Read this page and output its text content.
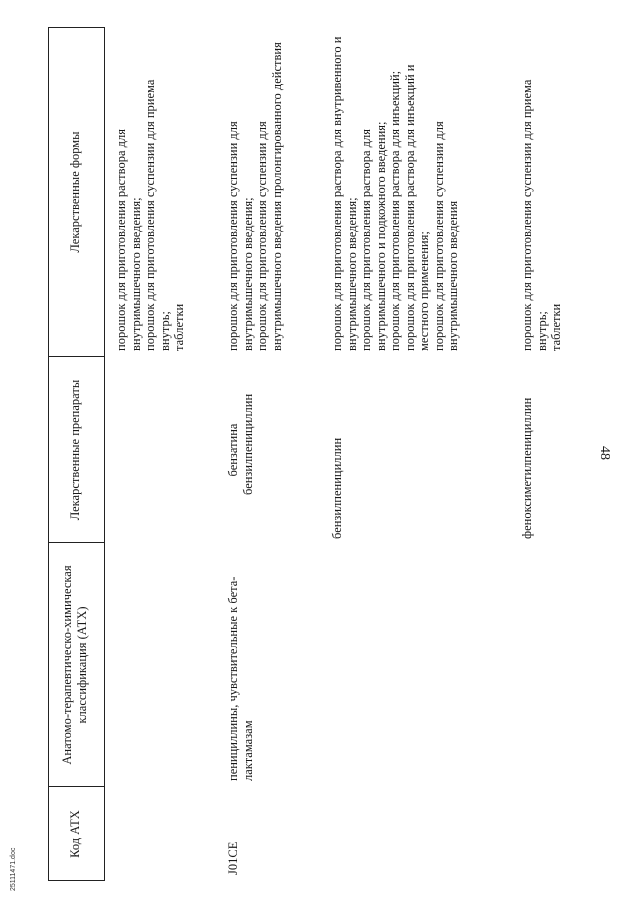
48
25111471.doc
Код АТХ
Анатомо-терапевтическо-химическая классификация (АТХ)
Лекарственные препараты
Лекарственные формы
порошок для приготовления раствора для внутримышечного введения;
порошок для приготовления суспензии для приема внутрь;
таблетки
J01CE
пенициллины, чувствительные к бета-лактамазам
бензатина бензилпенициллин
порошок для приготовления суспензии для внутримышечного введения;
порошок для приготовления суспензии для внутримышечного введения пролонгированного действия
бензилпенициллин
порошок для приготовления раствора для внутривенного и внутримышечного введения;
порошок для приготовления раствора для внутримышечного и подкожного введения;
порошок для приготовления раствора для инъекций;
порошок для приготовления раствора для инъекций и местного применения;
порошок для приготовления суспензии для внутримышечного введения
феноксиметилпенициллин
порошок для приготовления суспензии для приема внутрь;
таблетки
